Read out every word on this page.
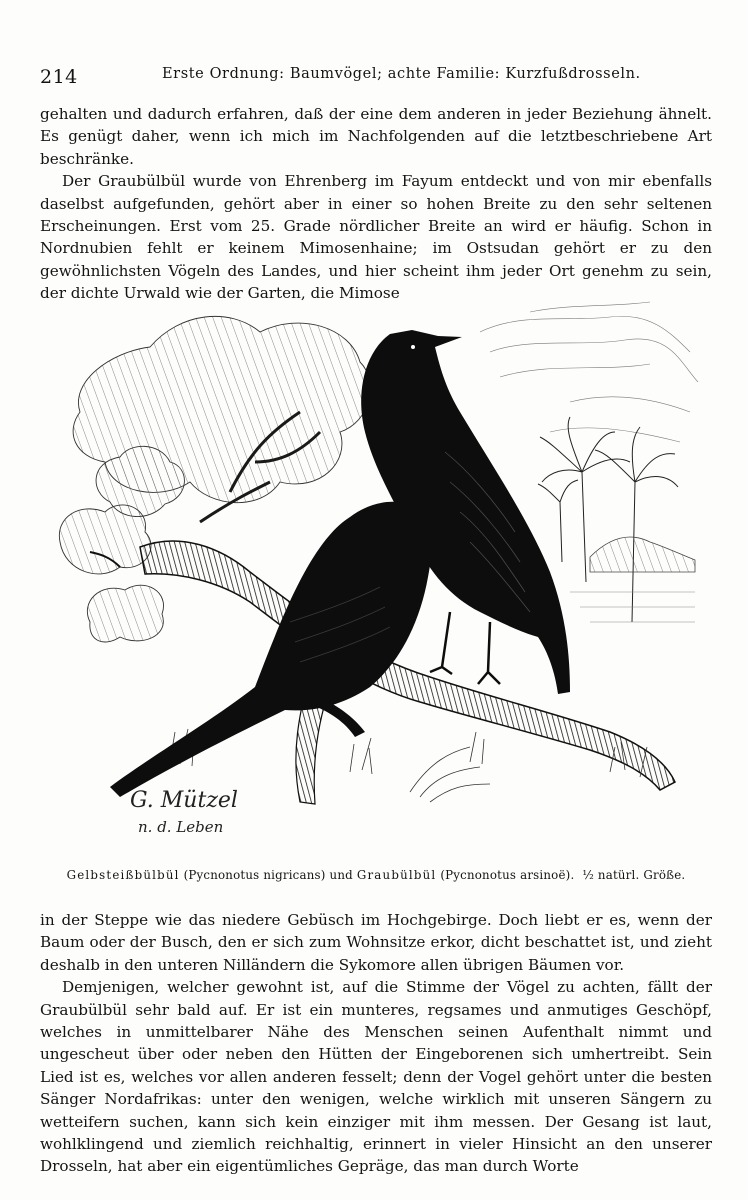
214	Erste Ordnung: Baumvögel; achte Familie: Kurzfußdrosseln.

gehalten und dadurch erfahren, daß der eine dem anderen in jeder Beziehung ähnelt. Es genügt daher, wenn ich mich im Nachfolgenden auf die letztbeschriebene Art beschränke.

Der Graubülbül wurde von Ehrenberg im Fayum entdeckt und von mir ebenfalls daselbst aufgefunden, gehört aber in einer so hohen Breite zu den sehr seltenen Erscheinungen. Erst vom 25. Grade nördlicher Breite an wird er häufig. Schon in Nordnubien fehlt er keinem Mimosenhaine; im Ostsudan gehört er zu den gewöhnlichsten Vögeln des Landes, und hier scheint ihm jeder Ort genehm zu sein, der dichte Urwald wie der Garten, die Mimose

G. Mützel
n. d. Leben
Gelbsteißbülbül (Pycnonotus nigricans) und Graubülbül (Pycnonotus arsinoë). ½ natürl. Größe.

in der Steppe wie das niedere Gebüsch im Hochgebirge. Doch liebt er es, wenn der Baum oder der Busch, den er sich zum Wohnsitze erkor, dicht beschattet ist, und zieht deshalb in den unteren Nilländern die Sykomore allen übrigen Bäumen vor.

Demjenigen, welcher gewohnt ist, auf die Stimme der Vögel zu achten, fällt der Graubülbül sehr bald auf. Er ist ein munteres, regsames und anmutiges Geschöpf, welches in unmittelbarer Nähe des Menschen seinen Aufenthalt nimmt und ungescheut über oder neben den Hütten der Eingeborenen sich umhertreibt. Sein Lied ist es, welches vor allen anderen fesselt; denn der Vogel gehört unter die besten Sänger Nordafrikas: unter den wenigen, welche wirklich mit unseren Sängern zu wetteifern suchen, kann sich kein einziger mit ihm messen. Der Gesang ist laut, wohlklingend und ziemlich reichhaltig, erinnert in vieler Hinsicht an den unserer Drosseln, hat aber ein eigentümliches Gepräge, das man durch Worte
